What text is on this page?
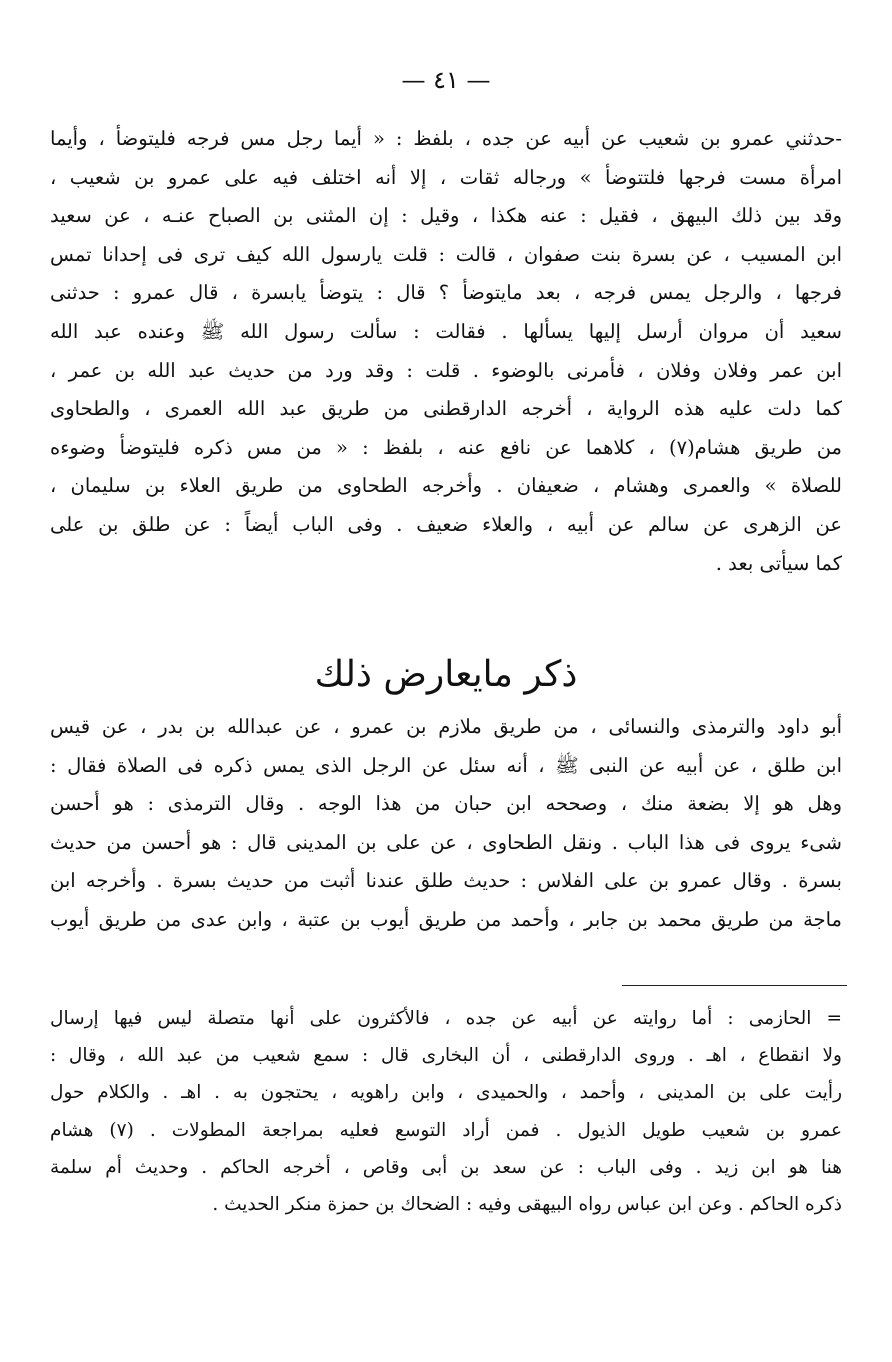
— ٤١ —
-حدثني عمرو بن شعيب عن أبيه عن جده ، بلفظ : « أيما رجل مس فرجه فليتوضأ ، وأيما
امرأة مست فرجها فلتتوضأ » ورجاله ثقات ، إلا أنه اختلف فيه على عمرو بن شعيب ،
وقد بين ذلك البيهق ، فقيل : عنه هكذا ، وقيل : إن المثنى بن الصباح عنـه ، عن سعيد
ابن المسيب ، عن بسرة بنت صفوان ، قالت : قلت يارسول الله كيف ترى فى إحدانا تمس
فرجها ، والرجل يمس فرجه ، بعد مايتوضأ ؟ قال : يتوضأ يابسرة ، قال عمرو : حدثنى
سعيد أن مروان أرسل إليها يسألها . فقالت : سألت رسول الله ﷺ وعنده عبد الله
ابن عمر وفلان وفلان ، فأمرنى بالوضوء . قلت : وقد ورد من حديث عبد الله بن عمر ،
كما دلت عليه هذه الرواية ، أخرجه الدارقطنى من طريق عبد الله العمرى ، والطحاوى
من طريق هشام(٧) ، كلاهما عن نافع عنه ، بلفظ : « من مس ذكره فليتوضأ وضوءه
للصلاة » والعمرى وهشام ، ضعيفان . وأخرجه الطحاوى من طريق العلاء بن سليمان ،
عن الزهرى عن سالم عن أبيه ، والعلاء ضعيف . وفى الباب أيضاً : عن طلق بن على
كما سيأتى بعد .
ذكر مايعارض ذلك
أبو داود والترمذى والنسائى ، من طريق ملازم بن عمرو ، عن عبدالله بن بدر ، عن قيس
ابن طلق ، عن أبيه عن النبى ﷺ ، أنه سئل عن الرجل الذى يمس ذكره فى الصلاة فقال :
وهل هو إلا بضعة منك ، وصححه ابن حبان من هذا الوجه . وقال الترمذى : هو أحسن
شىء يروى فى هذا الباب . ونقل الطحاوى ، عن على بن المدينى قال : هو أحسن من حديث
بسرة . وقال عمرو بن على الفلاس : حديث طلق عندنا أثبت من حديث بسرة . وأخرجه ابن
ماجة من طريق محمد بن جابر ، وأحمد من طريق أيوب بن عتبة ، وابن عدى من طريق أيوب
= الحازمى : أما روايته عن أبيه عن جده ، فالأكثرون على أنها متصلة ليس فيها إرسال
ولا انقطاع ، اهـ . وروى الدارقطنى ، أن البخارى قال : سمع شعيب من عبد الله ، وقال :
رأيت على بن المدينى ، وأحمد ، والحميدى ، وابن راهويه ، يحتجون به . اهـ . والكلام حول
عمرو بن شعيب طويل الذيول . فمن أراد التوسع فعليه بمراجعة المطولات . (٧) هشام
هنا هو ابن زيد . وفى الباب : عن سعد بن أبى وقاص ، أخرجه الحاكم . وحديث أم سلمة
ذكره الحاكم . وعن ابن عباس رواه البيهقى وفيه : الضحاك بن حمزة منكر الحديث .
